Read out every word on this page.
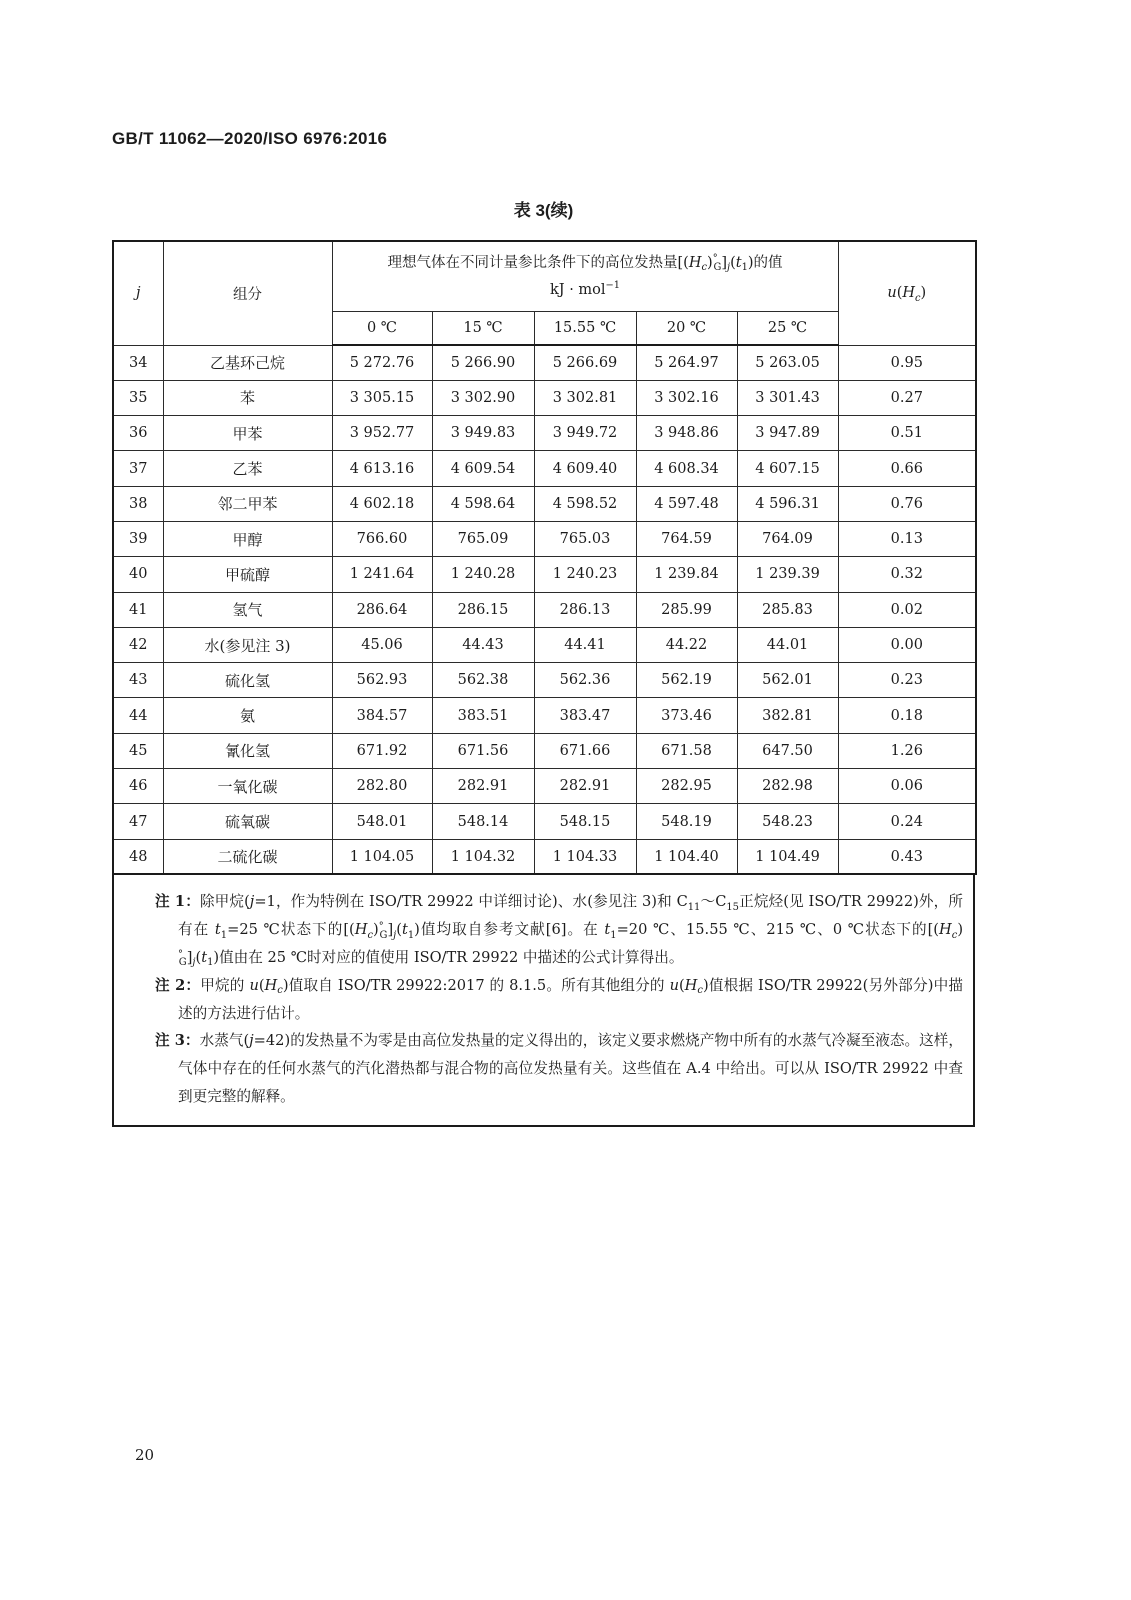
GB/T 11062—2020/ISO 6976:2016
表 3(续)
j	组分	理想气体在不同计量参比条件下的高位发热量$[(H_c)^\circ_G]_j(t_1)$的值
kJ · mol$^{-1}$					$u(H_c)$
		0 ℃	15 ℃	15.55 ℃	20 ℃	25 ℃	
34	乙基环己烷	5 272.76	5 266.90	5 266.69	5 264.97	5 263.05	0.95
35	苯	3 305.15	3 302.90	3 302.81	3 302.16	3 301.43	0.27
36	甲苯	3 952.77	3 949.83	3 949.72	3 948.86	3 947.89	0.51
37	乙苯	4 613.16	4 609.54	4 609.40	4 608.34	4 607.15	0.66
38	邻二甲苯	4 602.18	4 598.64	4 598.52	4 597.48	4 596.31	0.76
39	甲醇	766.60	765.09	765.03	764.59	764.09	0.13
40	甲硫醇	1 241.64	1 240.28	1 240.23	1 239.84	1 239.39	0.32
41	氢气	286.64	286.15	286.13	285.99	285.83	0.02
42	水(参见注 3)	45.06	44.43	44.41	44.22	44.01	0.00
43	硫化氢	562.93	562.38	562.36	562.19	562.01	0.23
44	氨	384.57	383.51	383.47	373.46	382.81	0.18
45	氰化氢	671.92	671.56	671.66	671.58	647.50	1.26
46	一氧化碳	282.80	282.91	282.91	282.95	282.98	0.06
47	硫氧碳	548.01	548.14	548.15	548.19	548.23	0.24
48	二硫化碳	1 104.05	1 104.32	1 104.33	1 104.40	1 104.49	0.43
注 1：除甲烷(j=1，作为特例在 ISO/TR 29922 中详细讨论)、水(参见注 3)和 $C_{11}\sim C_{15}$正烷烃(见 ISO/TR 29922)外，所有在 $t_1=25$ ℃状态下的$[(H_c)^\circ_G]_j(t_1)$值均取自参考文献[6]。在 $t_1=20$ ℃、15.55 ℃、215 ℃、0 ℃状态下的$[(H_c)^\circ_G]_j(t_1)$值由在 25 ℃时对应的值使用 ISO/TR 29922 中描述的公式计算得出。
注 2：甲烷的 $u(H_c)$值取自 ISO/TR 29922:2017 的 8.1.5。所有其他组分的 $u(H_c)$值根据 ISO/TR 29922(另外部分)中描述的方法进行估计。
注 3：水蒸气(j=42)的发热量不为零是由高位发热量的定义得出的，该定义要求燃烧产物中所有的水蒸气冷凝至液态。这样，气体中存在的任何水蒸气的汽化潜热都与混合物的高位发热量有关。这些值在 A.4 中给出。可以从 ISO/TR 29922 中查到更完整的解释。
20
